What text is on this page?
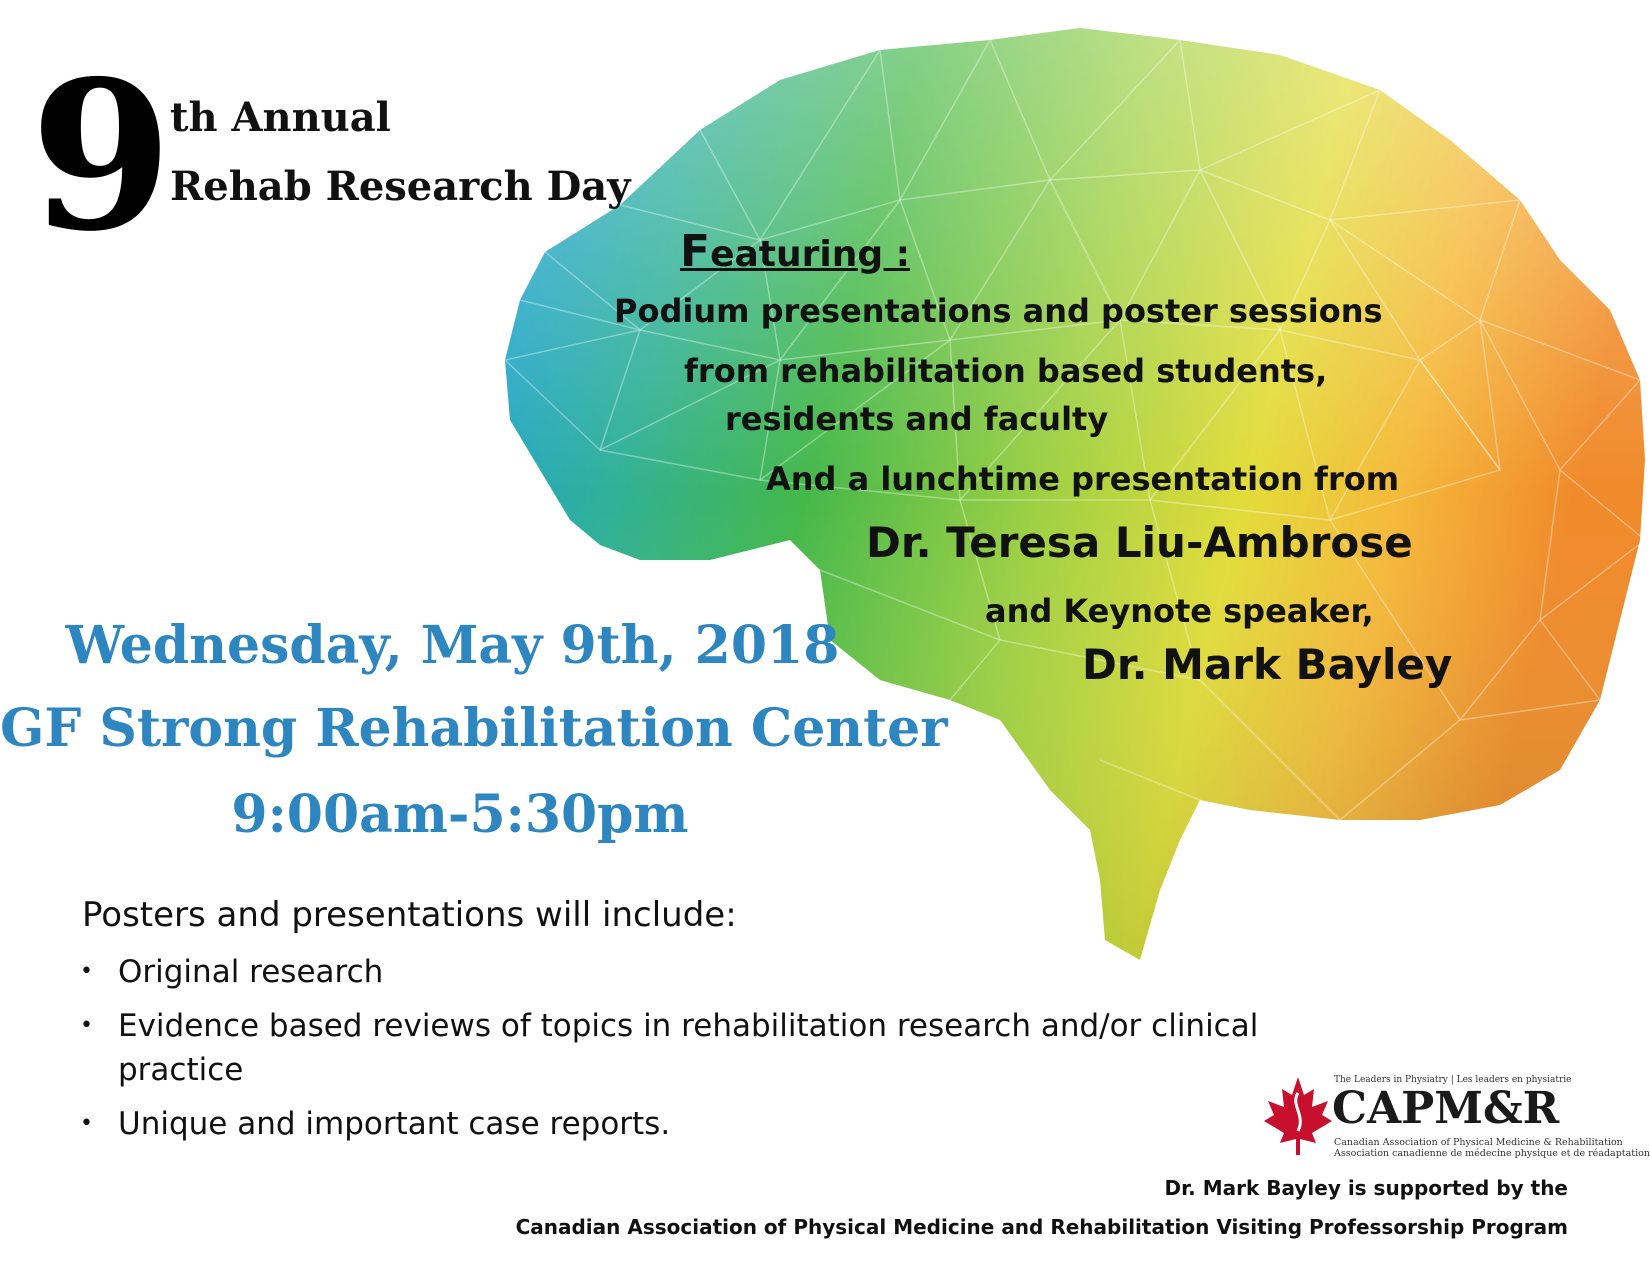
9
th Annual
Rehab Research Day
Featuring :
Podium presentations and poster sessions
from rehabilitation based students,
residents and faculty
And a lunchtime presentation from
Dr. Teresa Liu-Ambrose
and Keynote speaker,
Dr. Mark Bayley
Wednesday, May 9th, 2018
GF Strong Rehabilitation Center
9:00am-5:30pm
Posters and presentations will include:
• Original research
• Evidence based reviews of topics in rehabilitation research and/or clinical practice
• Unique and important case reports.
The Leaders in Physiatry | Les leaders en physiatrie
CAPM&R
Canadian Association of Physical Medicine & Rehabilitation
Association canadienne de médecine physique et de réadaptation
Dr. Mark Bayley is supported by the
Canadian Association of Physical Medicine and Rehabilitation Visiting Professorship Program
